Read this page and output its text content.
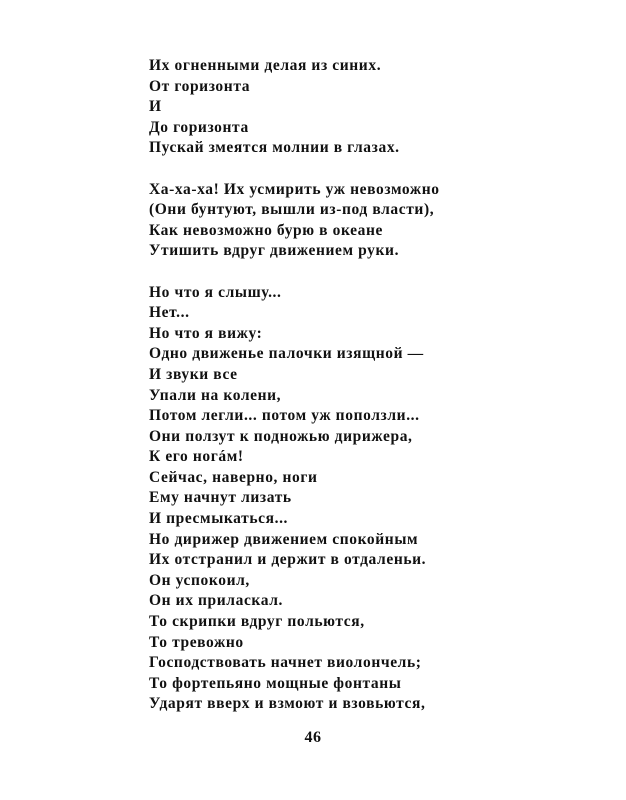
Их огненными делая из синих.
От горизонта
И
До горизонта
Пускай змеятся молнии в глазах.
Ха-ха-ха! Их усмирить уж невозможно
(Они бунтуют, вышли из-под власти),
Как невозможно бурю в океане
Утишить вдруг движением руки.
Но что я слышу...
Нет...
Но что я вижу:
Одно движенье палочки изящной —
И звуки все
Упали на колени,
Потом легли... потом уж поползли...
Они ползут к подножью дирижера,
К его ногáм!
Сейчас, наверно, ноги
Ему начнут лизать
И пресмыкаться...
Но дирижер движением спокойным
Их отстранил и держит в отдаленьи.
Он успокоил,
Он их приласкал.
То скрипки вдруг польются,
То тревожно
Господствовать начнет виолончель;
То фортепьяно мощные фонтаны
Ударят вверх и взмоют и взовьются,
46
